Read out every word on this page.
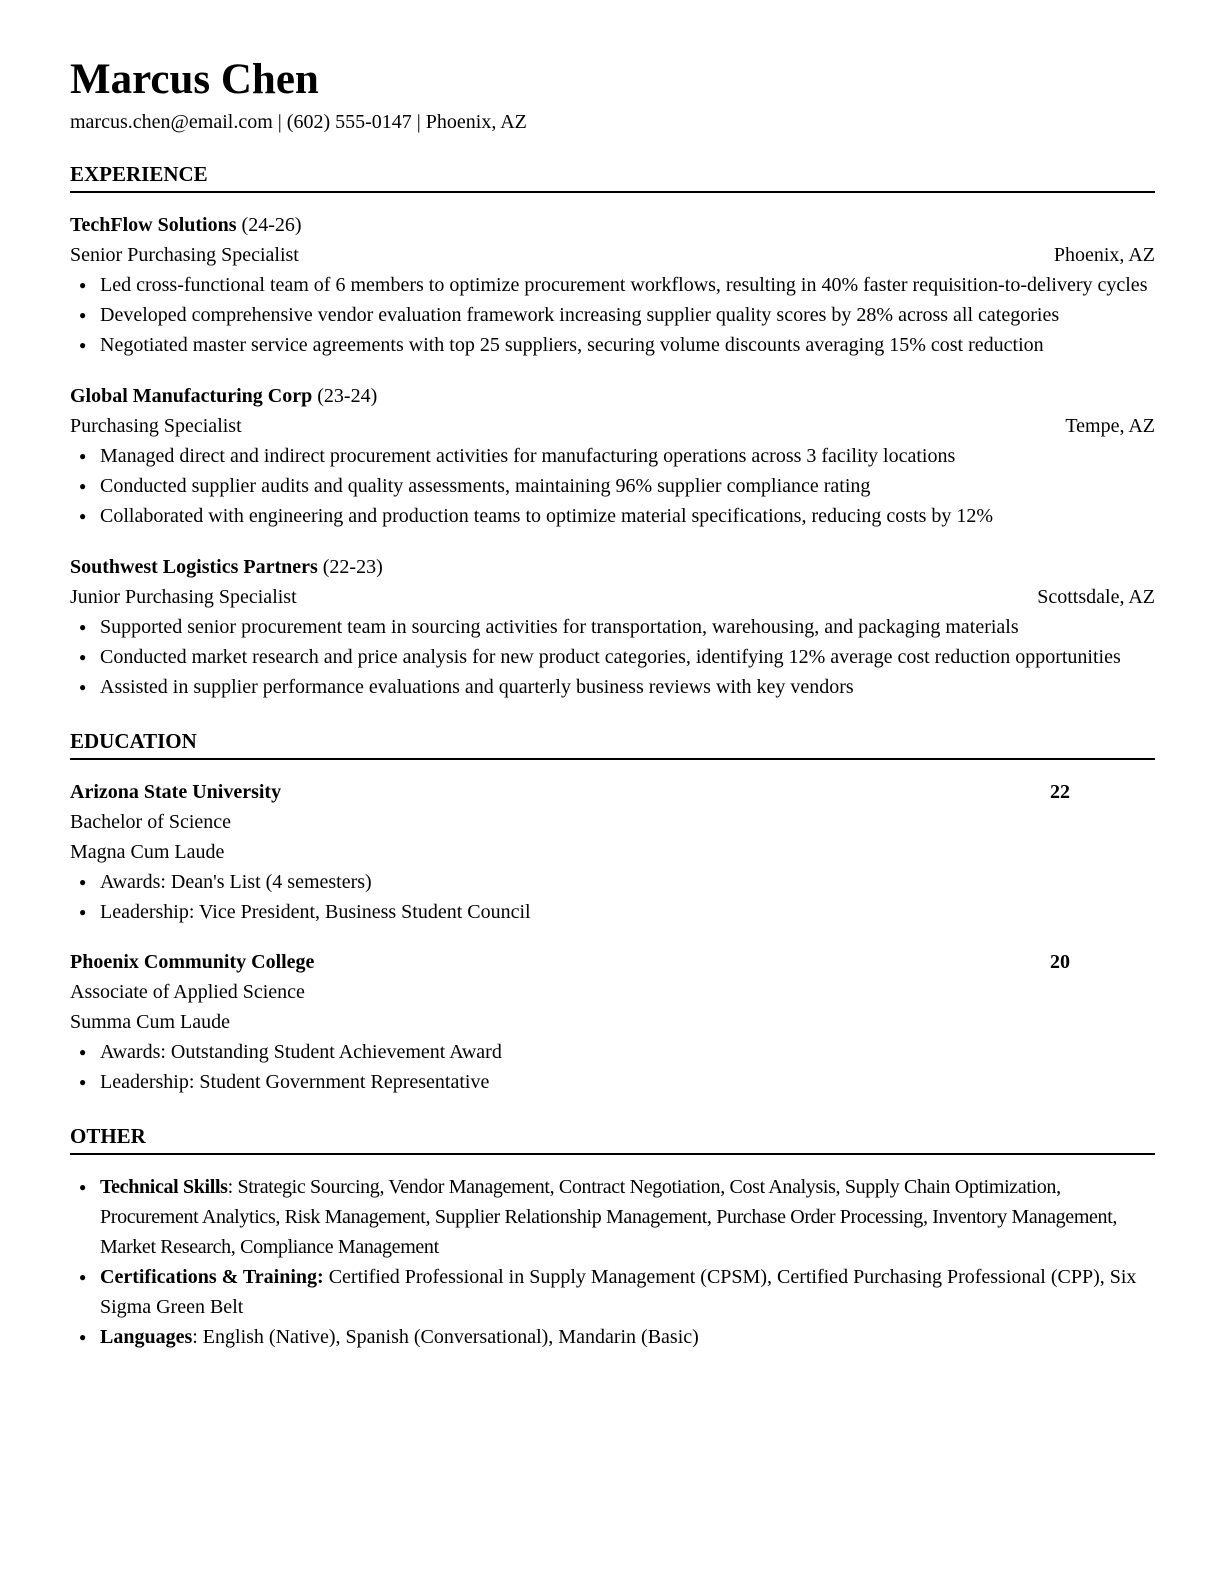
Marcus Chen
marcus.chen@email.com | (602) 555-0147 | Phoenix, AZ
EXPERIENCE
TechFlow Solutions (24-26)
Senior Purchasing Specialist	Phoenix, AZ
● Led cross-functional team of 6 members to optimize procurement workflows, resulting in 40% faster requisition-to-delivery cycles
● Developed comprehensive vendor evaluation framework increasing supplier quality scores by 28% across all categories
● Negotiated master service agreements with top 25 suppliers, securing volume discounts averaging 15% cost reduction
Global Manufacturing Corp (23-24)
Purchasing Specialist	Tempe, AZ
● Managed direct and indirect procurement activities for manufacturing operations across 3 facility locations
● Conducted supplier audits and quality assessments, maintaining 96% supplier compliance rating
● Collaborated with engineering and production teams to optimize material specifications, reducing costs by 12%
Southwest Logistics Partners (22-23)
Junior Purchasing Specialist	Scottsdale, AZ
● Supported senior procurement team in sourcing activities for transportation, warehousing, and packaging materials
● Conducted market research and price analysis for new product categories, identifying 12% average cost reduction opportunities
● Assisted in supplier performance evaluations and quarterly business reviews with key vendors
EDUCATION
Arizona State University	22
Bachelor of Science
Magna Cum Laude
● Awards: Dean's List (4 semesters)
● Leadership: Vice President, Business Student Council
Phoenix Community College	20
Associate of Applied Science
Summa Cum Laude
● Awards: Outstanding Student Achievement Award
● Leadership: Student Government Representative
OTHER
● Technical Skills: Strategic Sourcing, Vendor Management, Contract Negotiation, Cost Analysis, Supply Chain Optimization, Procurement Analytics, Risk Management, Supplier Relationship Management, Purchase Order Processing, Inventory Management, Market Research, Compliance Management
● Certifications & Training: Certified Professional in Supply Management (CPSM), Certified Purchasing Professional (CPP), Six Sigma Green Belt
● Languages: English (Native), Spanish (Conversational), Mandarin (Basic)
